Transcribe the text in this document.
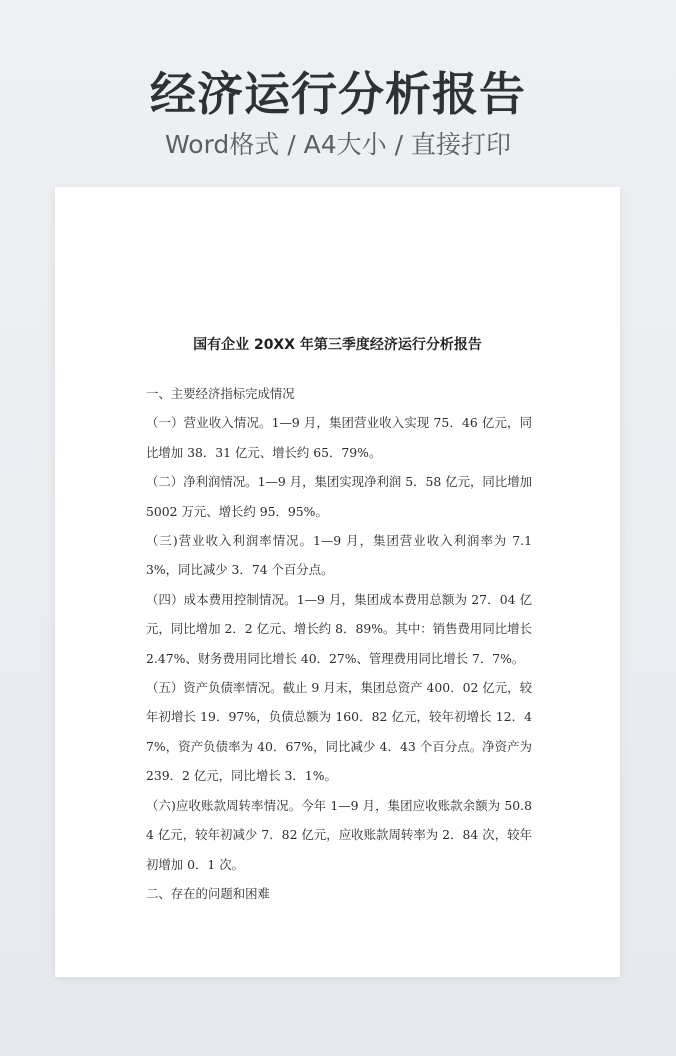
经济运行分析报告
Word格式 / A4大小 / 直接打印
国有企业 20XX 年第三季度经济运行分析报告

一、主要经济指标完成情况

（一）营业收入情况。1—9 月，集团营业收入实现 75．46 亿元，同比增加 38．31 亿元、增长约 65．79%。

（二）净利润情况。1—9 月，集团实现净利润 5．58 亿元，同比增加 5002 万元、增长约 95．95%。

（三)营业收入利润率情况。1—9 月，集团营业收入利润率为 7.13%，同比减少 3．74 个百分点。

（四）成本费用控制情况。1—9 月，集团成本费用总额为 27．04 亿元，同比增加 2．2 亿元、增长约 8．89%。其中：销售费用同比增长 2.47%、财务费用同比增长 40．27%、管理费用同比增长 7．7%。

（五）资产负债率情况。截止 9 月末，集团总资产 400．02 亿元，较年初增长 19．97%，负债总额为 160．82 亿元，较年初增长 12．47%，资产负债率为 40．67%，同比减少 4．43 个百分点。净资产为 239．2 亿元，同比增长 3．1%。

（六)应收账款周转率情况。今年 1—9 月，集团应收账款余额为 50.84 亿元，较年初减少 7．82 亿元，应收账款周转率为 2．84 次，较年初增加 0．1 次。

二、存在的问题和困难
